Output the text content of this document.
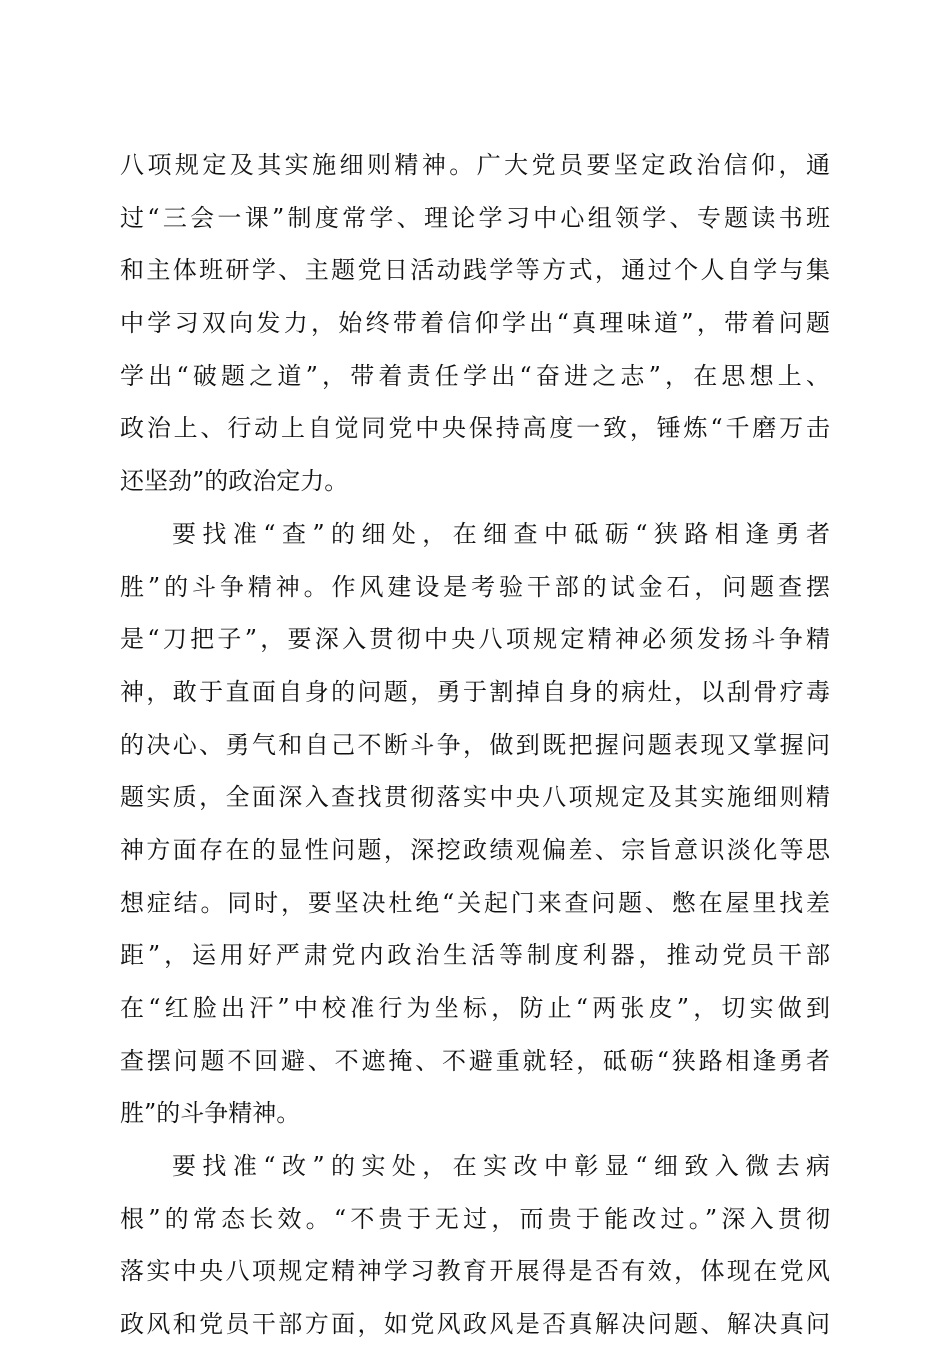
八项规定及其实施细则精神。广大党员要坚定政治信仰，通
过“三会一课”制度常学、理论学习中心组领学、专题读书班
和主体班研学、主题党日活动践学等方式，通过个人自学与集
中学习双向发力，始终带着信仰学出“真理味道”，带着问题
学出“破题之道”，带着责任学出“奋进之志”，在思想上、
政治上、行动上自觉同党中央保持高度一致，锤炼“千磨万击
还坚劲”的政治定力。
要找准“查”的细处，在细查中砥砺“狭路相逢勇者
胜”的斗争精神。作风建设是考验干部的试金石，问题查摆
是“刀把子”，要深入贯彻中央八项规定精神必须发扬斗争精
神，敢于直面自身的问题，勇于割掉自身的病灶，以刮骨疗毒
的决心、勇气和自己不断斗争，做到既把握问题表现又掌握问
题实质，全面深入查找贯彻落实中央八项规定及其实施细则精
神方面存在的显性问题，深挖政绩观偏差、宗旨意识淡化等思
想症结。同时，要坚决杜绝“关起门来查问题、憋在屋里找差
距”，运用好严肃党内政治生活等制度利器，推动党员干部
在“红脸出汗”中校准行为坐标，防止“两张皮”，切实做到
查摆问题不回避、不遮掩、不避重就轻，砥砺“狭路相逢勇者
胜”的斗争精神。
要找准“改”的实处，在实改中彰显“细致入微去病
根”的常态长效。“不贵于无过，而贵于能改过。”深入贯彻
落实中央八项规定精神学习教育开展得是否有效，体现在党风
政风和党员干部方面，如党风政风是否真解决问题、解决真问
